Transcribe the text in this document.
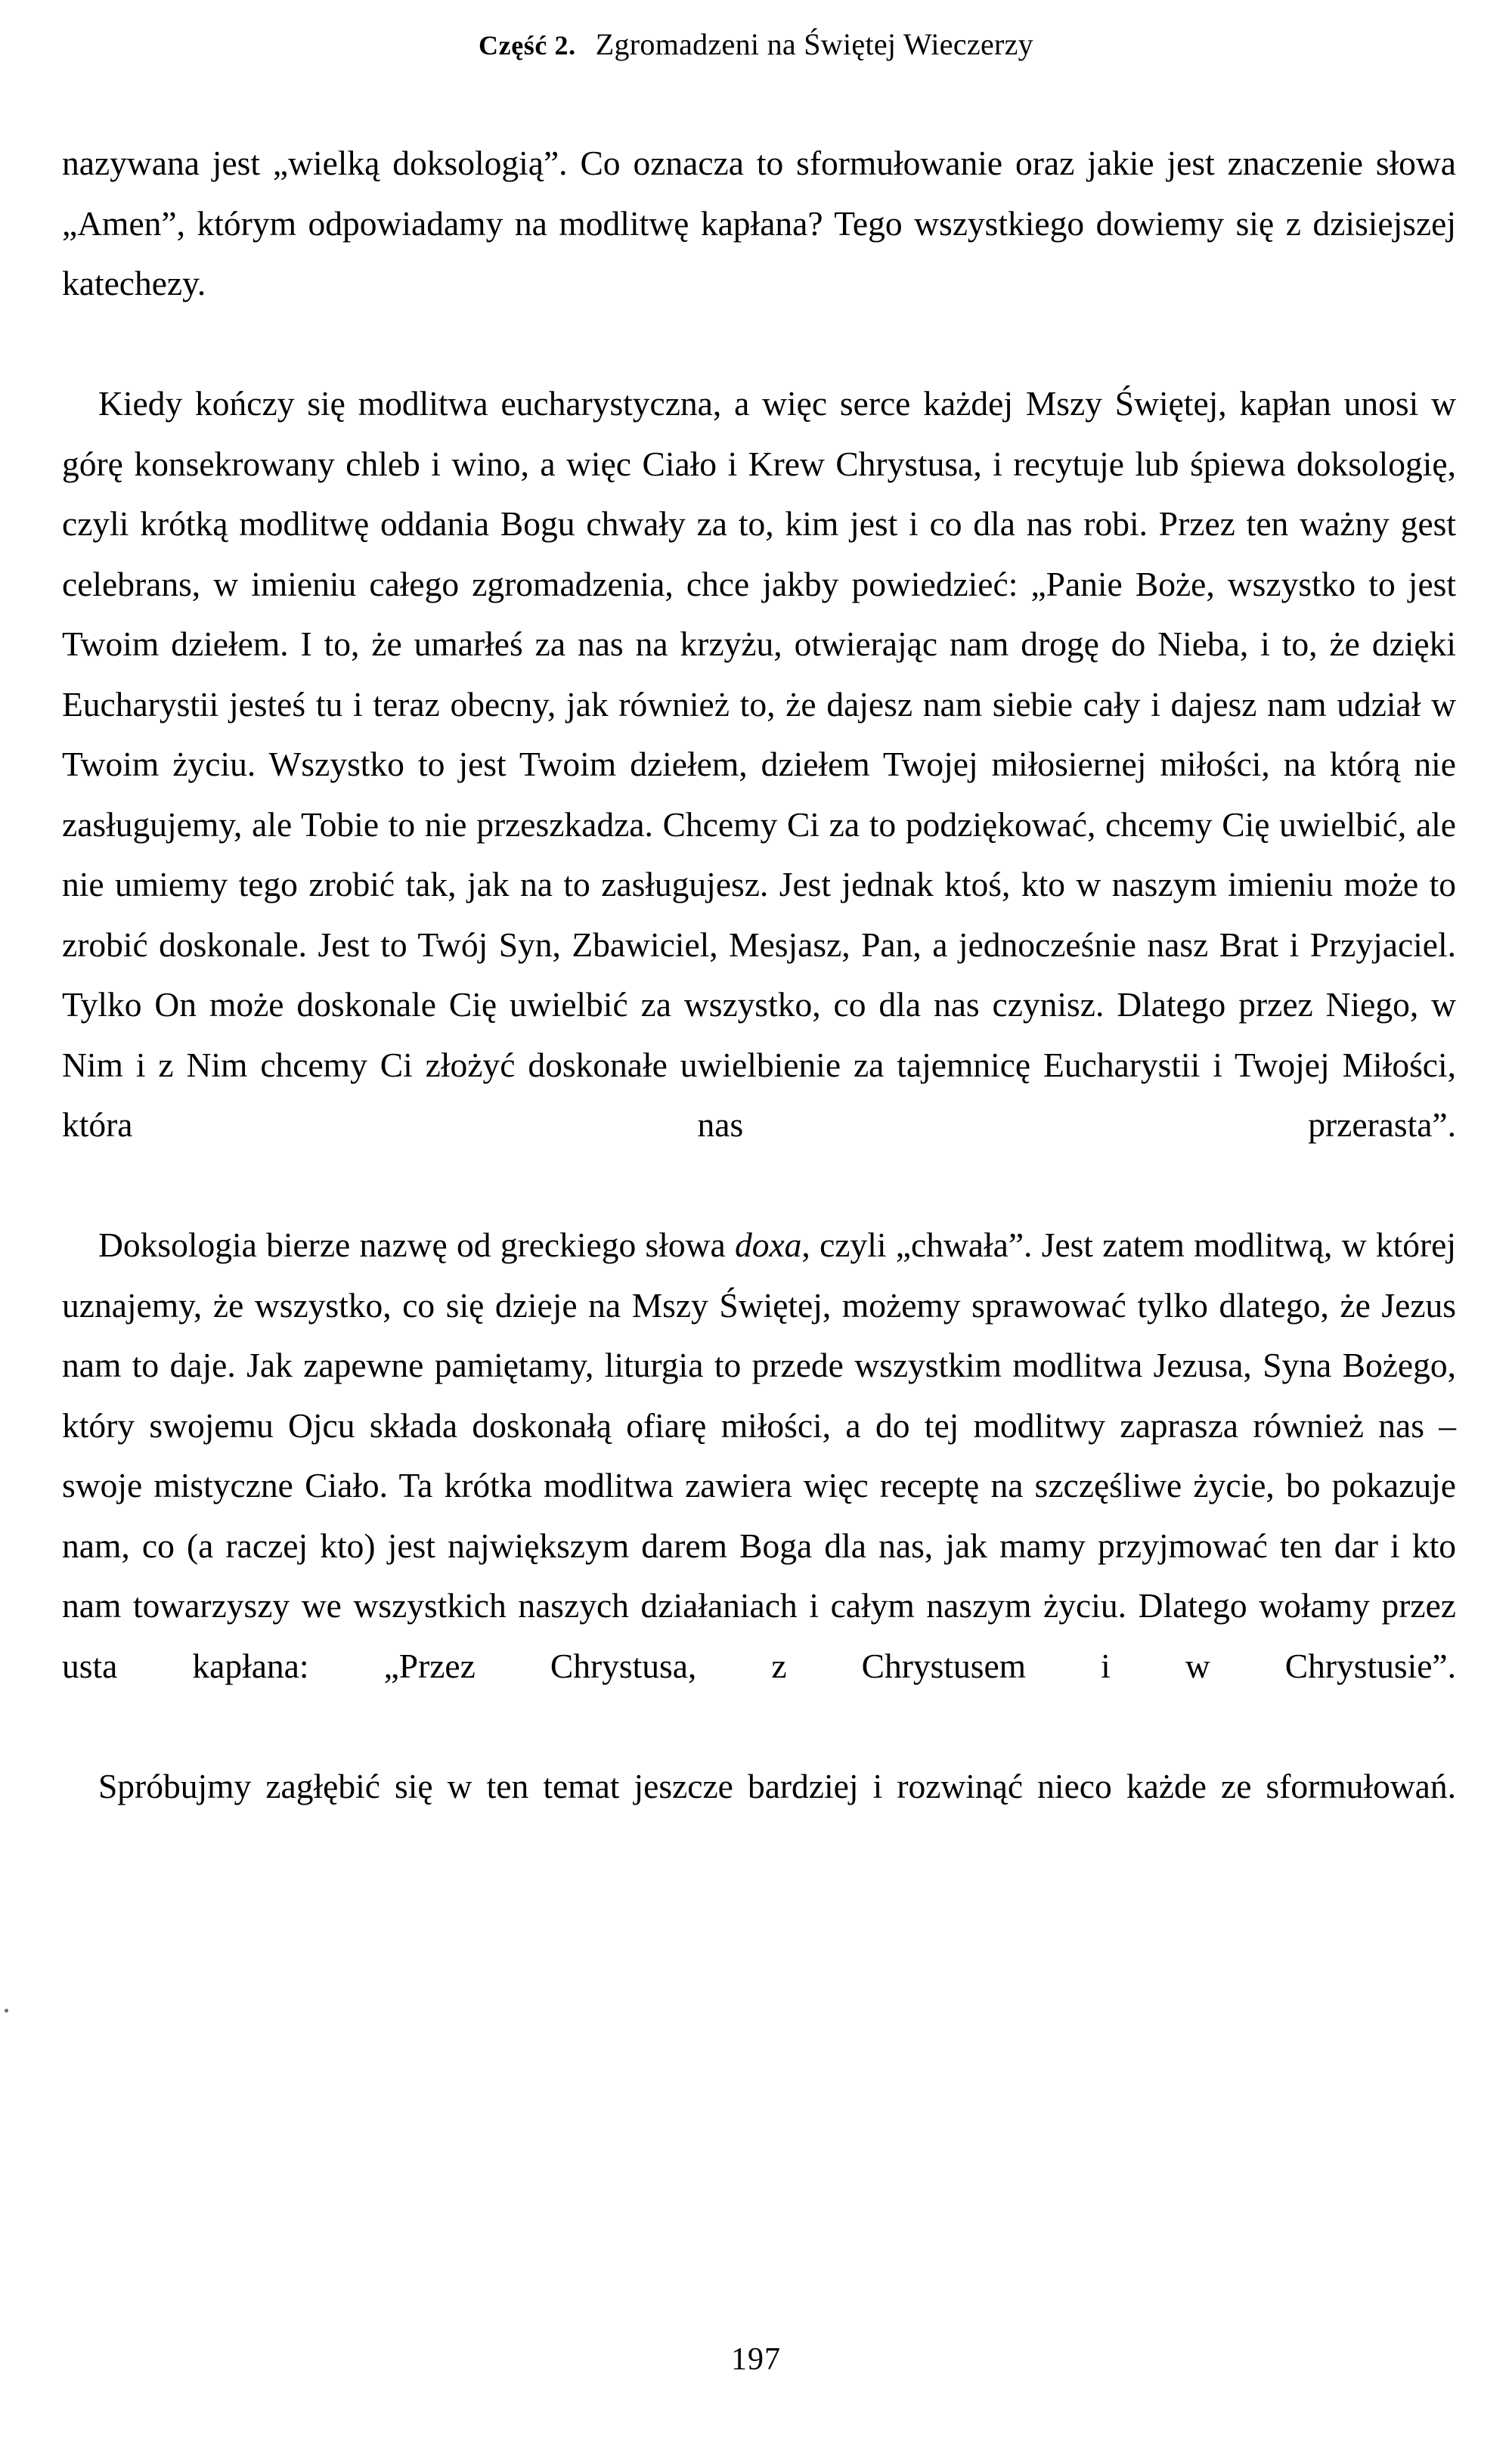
Część 2. Zgromadzeni na Świętej Wieczerzy

nazywana jest „wielką doksologią”. Co oznacza to sformułowanie oraz jakie jest znaczenie słowa „Amen”, którym odpowiadamy na modlitwę kapłana? Tego wszystkiego dowiemy się z dzisiejszej katechezy.

Kiedy kończy się modlitwa eucharystyczna, a więc serce każdej Mszy Świętej, kapłan unosi w górę konsekrowany chleb i wino, a więc Ciało i Krew Chrystusa, i recytuje lub śpiewa doksologię, czyli krótką modlitwę oddania Bogu chwały za to, kim jest i co dla nas robi. Przez ten ważny gest celebrans, w imieniu całego zgromadzenia, chce jakby powiedzieć: „Panie Boże, wszystko to jest Twoim dziełem. I to, że umarłeś za nas na krzyżu, otwierając nam drogę do Nieba, i to, że dzięki Eucharystii jesteś tu i teraz obecny, jak również to, że dajesz nam siebie cały i dajesz nam udział w Twoim życiu. Wszystko to jest Twoim dziełem, dziełem Twojej miłosiernej miłości, na którą nie zasługujemy, ale Tobie to nie przeszkadza. Chcemy Ci za to podziękować, chcemy Cię uwielbić, ale nie umiemy tego zrobić tak, jak na to zasługujesz. Jest jednak ktoś, kto w naszym imieniu może to zrobić doskonale. Jest to Twój Syn, Zbawiciel, Mesjasz, Pan, a jednocześnie nasz Brat i Przyjaciel. Tylko On może doskonale Cię uwielbić za wszystko, co dla nas czynisz. Dlatego przez Niego, w Nim i z Nim chcemy Ci złożyć doskonałe uwielbienie za tajemnicę Eucharystii i Twojej Miłości, która nas przerasta”.

Doksologia bierze nazwę od greckiego słowa doxa, czyli „chwała”. Jest zatem modlitwą, w której uznajemy, że wszystko, co się dzieje na Mszy Świętej, możemy sprawować tylko dlatego, że Jezus nam to daje. Jak zapewne pamiętamy, liturgia to przede wszystkim modlitwa Jezusa, Syna Bożego, który swojemu Ojcu składa doskonałą ofiarę miłości, a do tej modlitwy zaprasza również nas – swoje mistyczne Ciało. Ta krótka modlitwa zawiera więc receptę na szczęśliwe życie, bo pokazuje nam, co (a raczej kto) jest największym darem Boga dla nas, jak mamy przyjmować ten dar i kto nam towarzyszy we wszystkich naszych działaniach i całym naszym życiu. Dlatego wołamy przez usta kapłana: „Przez Chrystusa, z Chrystusem i w Chrystusie”.

Spróbujmy zagłębić się w ten temat jeszcze bardziej i rozwinąć nieco każde ze sformułowań.

197
